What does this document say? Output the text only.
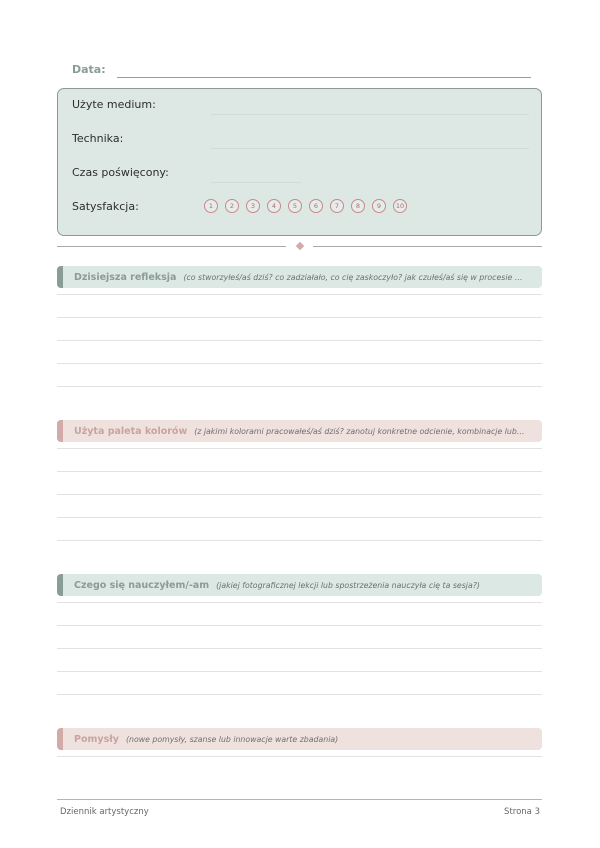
Data:
Użyte medium:
Technika:
Czas poświęcony:
Satysfakcja:	1	2	3	4	5	6	7	8	9	10
Dzisiejsza refleksja (co stworzyłeś/aś dziś? co zadziałało, co cię zaskoczyło? jak czułeś/aś się w procesie …
Użyta paleta kolorów (z jakimi kolorami pracowałeś/aś dziś? zanotuj konkretne odcienie, kombinacje lub…
Czego się nauczyłem/-am (jakiej fotograficznej lekcji lub spostrzeżenia nauczyła cię ta sesja?)
Pomysły (nowe pomysły, szanse lub innowacje warte zbadania)
Dziennik artystyczny	Strona 3
